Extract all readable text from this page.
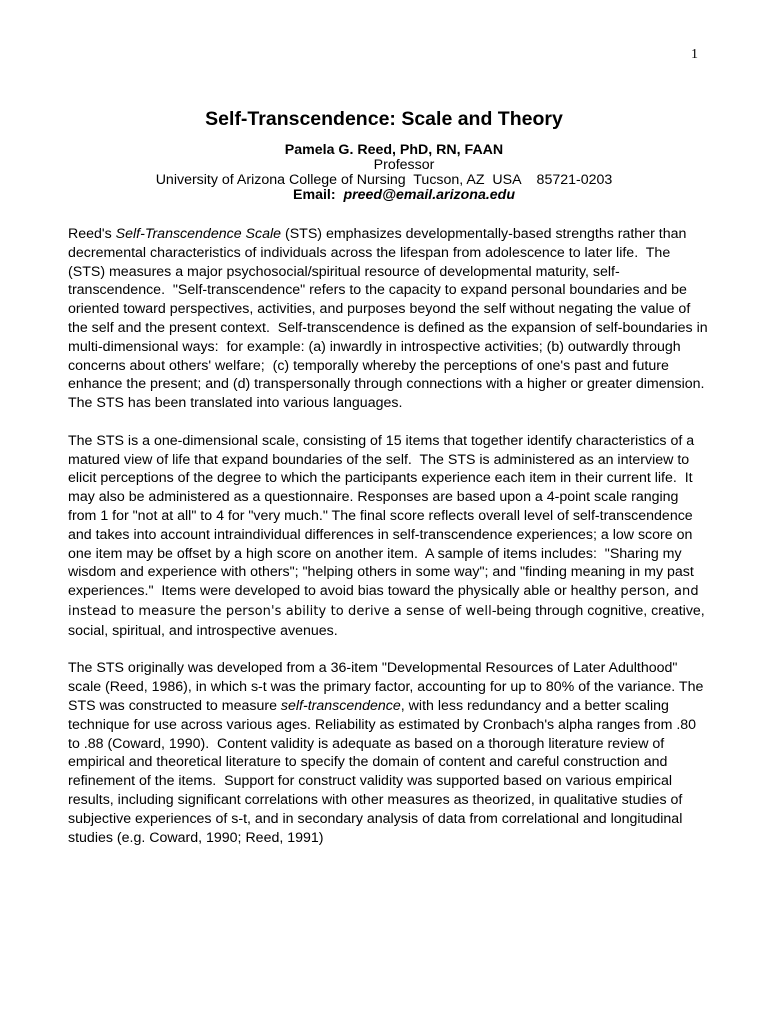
1
Self-Transcendence: Scale and Theory
Pamela G. Reed, PhD, RN, FAAN
Professor
University of Arizona College of Nursing  Tucson, AZ  USA    85721-0203
Email: preed@email.arizona.edu

Reed's Self-Transcendence Scale (STS) emphasizes developmentally-based strengths rather than decremental characteristics of individuals across the lifespan from adolescence to later life.  The (STS) measures a major psychosocial/spiritual resource of developmental maturity, self-transcendence.  "Self-transcendence" refers to the capacity to expand personal boundaries and be oriented toward perspectives, activities, and purposes beyond the self without negating the value of the self and the present context.  Self-transcendence is defined as the expansion of self-boundaries in multi-dimensional ways:  for example: (a) inwardly in introspective activities; (b) outwardly through concerns about others' welfare;  (c) temporally whereby the perceptions of one's past and future enhance the present; and (d) transpersonally through connections with a higher or greater dimension.  The STS has been translated into various languages.

The STS is a one-dimensional scale, consisting of 15 items that together identify characteristics of a matured view of life that expand boundaries of the self.  The STS is administered as an interview to elicit perceptions of the degree to which the participants experience each item in their current life.  It may also be administered as a questionnaire. Responses are based upon a 4-point scale ranging from 1 for "not at all" to 4 for "very much." The final score reflects overall level of self-transcendence and takes into account intraindividual differences in self-transcendence experiences; a low score on one item may be offset by a high score on another item.  A sample of items includes:  "Sharing my wisdom and experience with others"; "helping others in some way"; and "finding meaning in my past experiences."  Items were developed to avoid bias toward the physically able or healthy person, and instead to measure the person's ability to derive a sense of well-being through cognitive, creative, social, spiritual, and introspective avenues.

The STS originally was developed from a 36-item "Developmental Resources of Later Adulthood" scale (Reed, 1986), in which s-t was the primary factor, accounting for up to 80% of the variance. The STS was constructed to measure self-transcendence, with less redundancy and a better scaling technique for use across various ages. Reliability as estimated by Cronbach's alpha ranges from .80 to .88 (Coward, 1990).  Content validity is adequate as based on a thorough literature review of empirical and theoretical literature to specify the domain of content and careful construction and refinement of the items.  Support for construct validity was supported based on various empirical results, including significant correlations with other measures as theorized, in qualitative studies of subjective experiences of s-t, and in secondary analysis of data from correlational and longitudinal studies (e.g. Coward, 1990; Reed, 1991)
